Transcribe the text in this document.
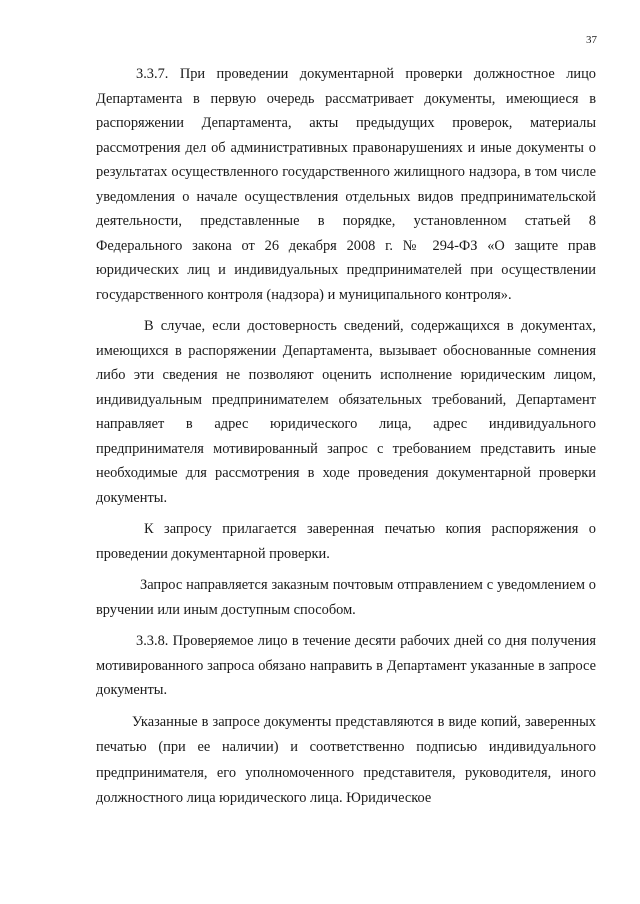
37

3.3.7. При проведении документарной проверки должностное лицо Департамента в первую очередь рассматривает документы, имеющиеся в распоряжении Департамента, акты предыдущих проверок, материалы рассмотрения дел об административных правонарушениях и иные документы о результатах осуществленного государственного жилищного надзора, в том числе уведомления о начале осуществления отдельных видов предпринимательской деятельности, представленные в порядке, установленном статьей 8 Федерального закона от 26 декабря 2008 г. № 294-ФЗ «О защите прав юридических лиц и индивидуальных предпринимателей при осуществлении государственного контроля (надзора) и муниципального контроля».

В случае, если достоверность сведений, содержащихся в документах, имеющихся в распоряжении Департамента, вызывает обоснованные сомнения либо эти сведения не позволяют оценить исполнение юридическим лицом, индивидуальным предпринимателем обязательных требований, Департамент направляет в адрес юридического лица, адрес индивидуального предпринимателя мотивированный запрос с требованием представить иные необходимые для рассмотрения в ходе проведения документарной проверки документы.

К запросу прилагается заверенная печатью копия распоряжения о проведении документарной проверки.

Запрос направляется заказным почтовым отправлением с уведомлением о вручении или иным доступным способом.

3.3.8. Проверяемое лицо в течение десяти рабочих дней со дня получения мотивированного запроса обязано направить в Департамент указанные в запросе документы.

Указанные в запросе документы представляются в виде копий, заверенных печатью (при ее наличии) и соответственно подписью индивидуального предпринимателя, его уполномоченного представителя, руководителя, иного должностного лица юридического лица. Юридическое
